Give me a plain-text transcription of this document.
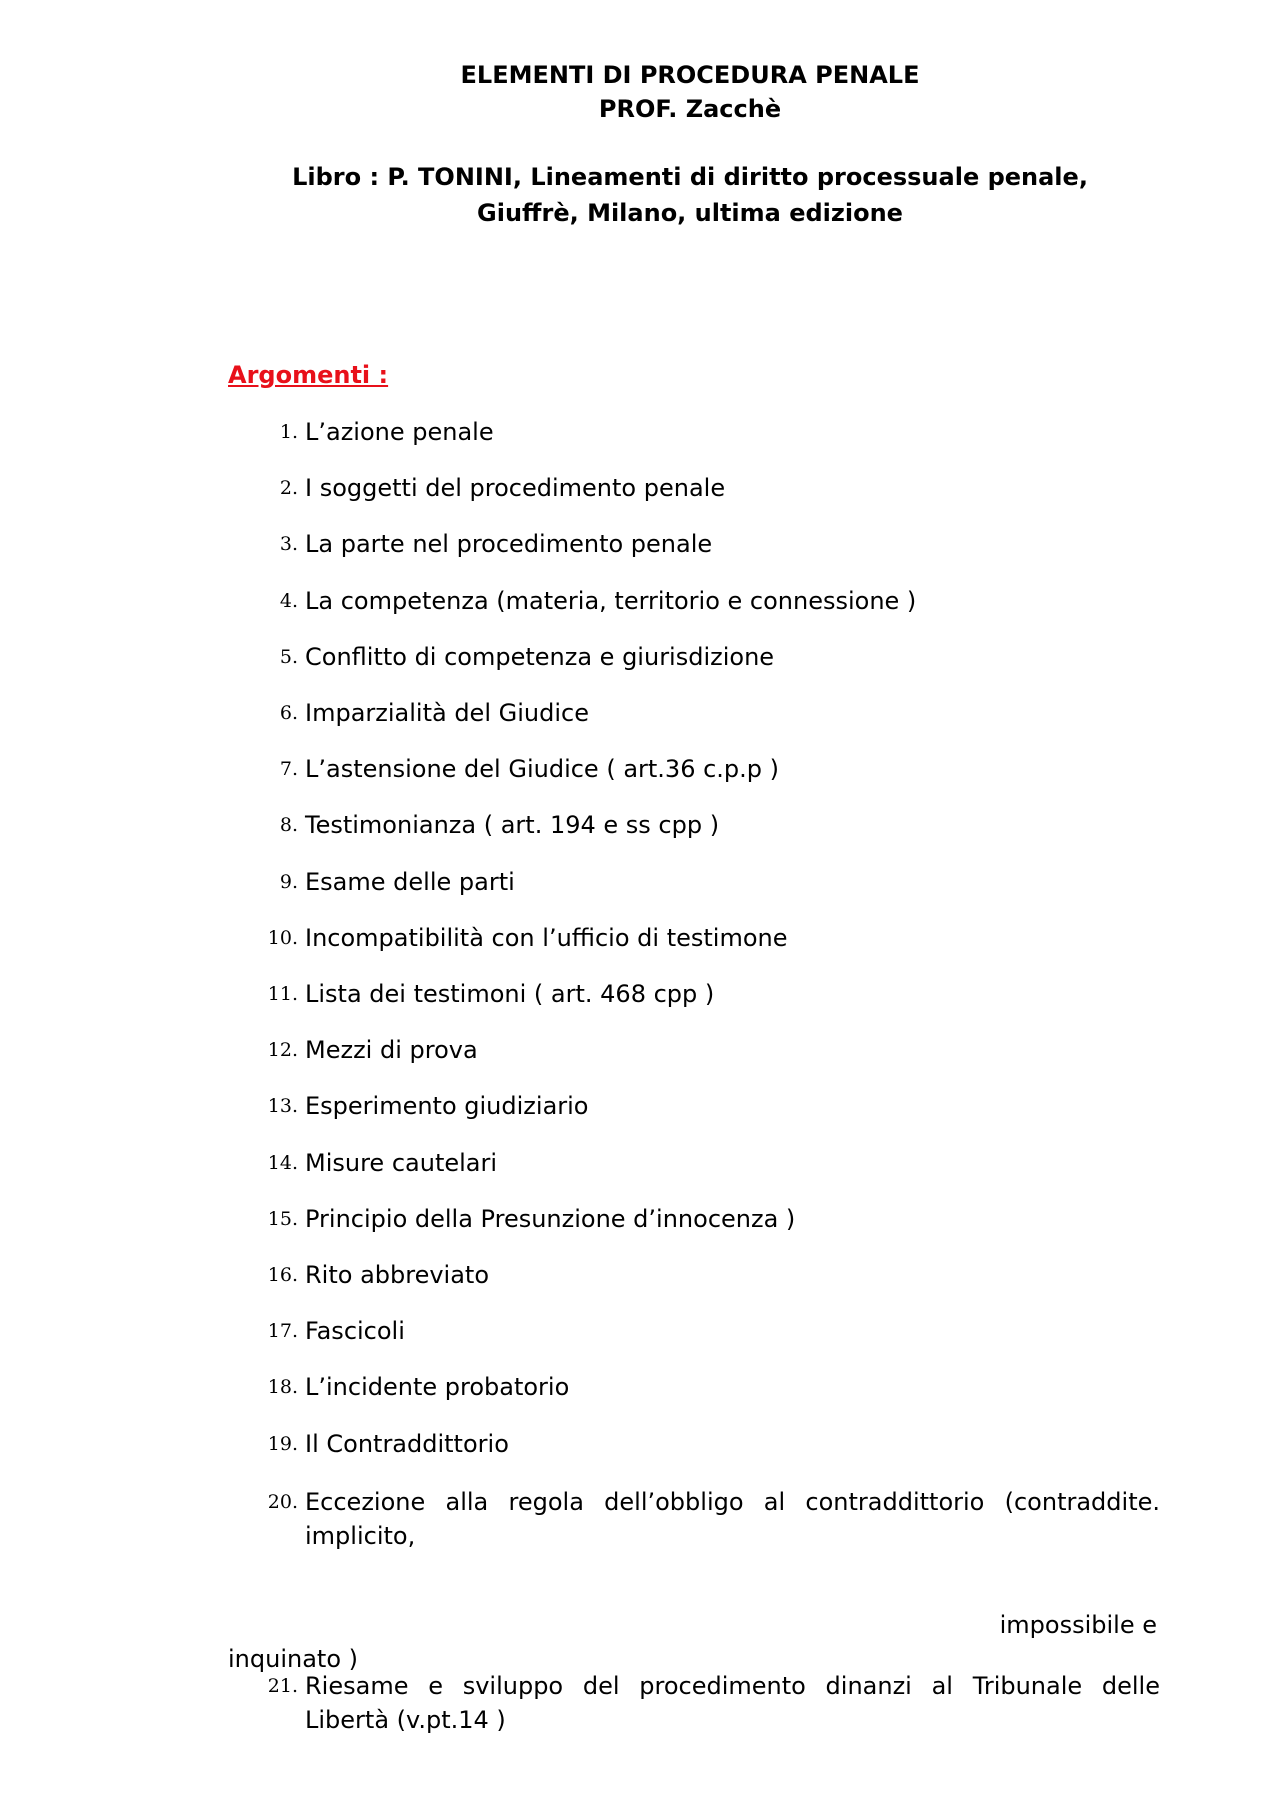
ELEMENTI DI PROCEDURA PENALE
PROF. Zacchè
Libro : P. TONINI, Lineamenti di diritto processuale penale,
Giuffrè, Milano, ultima edizione
Argomenti :
1. L’azione penale
2. I soggetti del procedimento penale
3. La parte nel procedimento penale
4. La competenza (materia, territorio e connessione )
5. Conflitto di competenza e giurisdizione
6. Imparzialità del Giudice
7. L’astensione del Giudice ( art.36 c.p.p )
8. Testimonianza ( art. 194 e ss cpp )
9. Esame delle parti
10. Incompatibilità con l’ufficio di testimone
11. Lista dei testimoni ( art. 468 cpp )
12. Mezzi di prova
13. Esperimento giudiziario
14. Misure cautelari
15. Principio della Presunzione d’innocenza )
16. Rito abbreviato
17. Fascicoli
18. L’incidente probatorio
19. Il Contraddittorio
20. Eccezione alla regola dell’obbligo al contraddittorio (contraddite.
implicito,
impossibile e
inquinato )
21. Riesame e sviluppo del procedimento dinanzi al Tribunale delle
Libertà (v.pt.14 )
